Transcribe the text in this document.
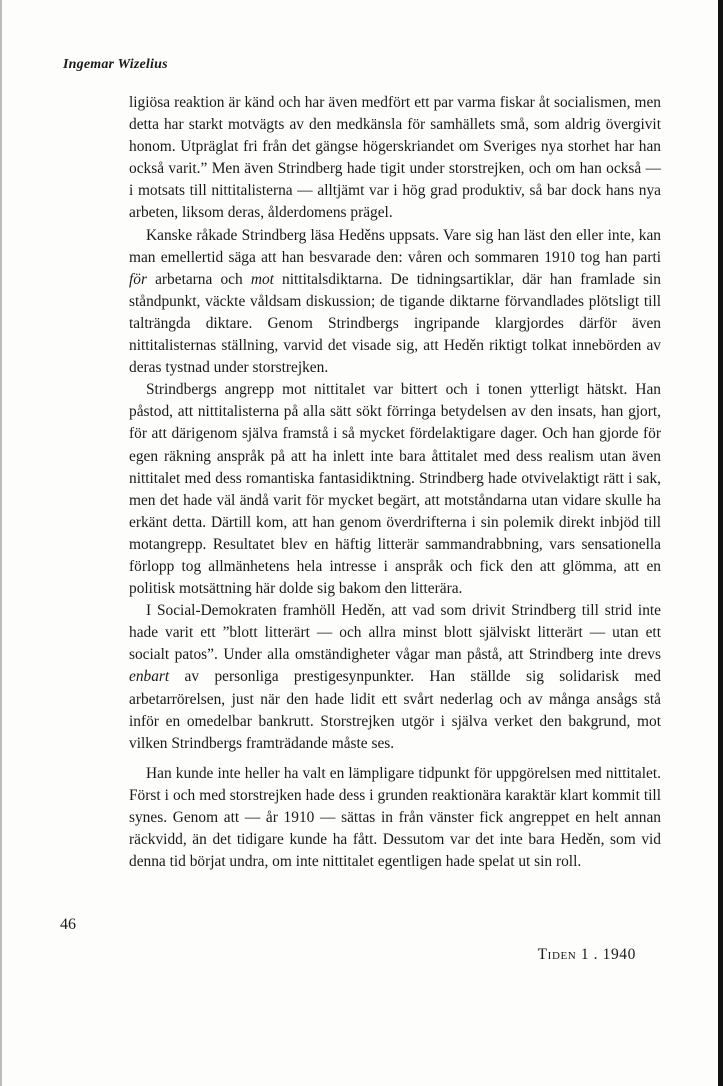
Ingemar Wizelius

ligiösa reaktion är känd och har även medfört ett par varma fiskar åt socialismen, men detta har starkt motvägts av den medkänsla för samhällets små, som aldrig övergivit honom. Utpräglat fri från det gängse högerskriandet om Sveriges nya storhet har han också varit.” Men även Strindberg hade tigit under storstrejken, och om han också — i motsats till nittitalisterna — alltjämt var i hög grad produktiv, så bar dock hans nya arbeten, liksom deras, ålderdomens prägel.

Kanske råkade Strindberg läsa Heděns uppsats. Vare sig han läst den eller inte, kan man emellertid säga att han besvarade den: våren och sommaren 1910 tog han parti för arbetarna och mot nittitalsdiktarna. De tidningsartiklar, där han framlade sin ståndpunkt, väckte våldsam diskussion; de tigande diktarne förvandlades plötsligt till talträngda diktare. Genom Strindbergs ingripande klargjordes därför även nittitalisternas ställning, varvid det visade sig, att Heděn riktigt tolkat innebörden av deras tystnad under storstrejken.

Strindbergs angrepp mot nittitalet var bittert och i tonen ytterligt hätskt. Han påstod, att nittitalisterna på alla sätt sökt förringa betydelsen av den insats, han gjort, för att därigenom själva framstå i så mycket fördelaktigare dager. Och han gjorde för egen räkning anspråk på att ha inlett inte bara åttitalet med dess realism utan även nittitalet med dess romantiska fantasidiktning. Strindberg hade otvivelaktigt rätt i sak, men det hade väl ändå varit för mycket begärt, att motståndarna utan vidare skulle ha erkänt detta. Därtill kom, att han genom överdrifterna i sin polemik direkt inbjöd till motangrepp. Resultatet blev en häftig litterär sammandrabbning, vars sensationella förlopp tog allmänhetens hela intresse i anspråk och fick den att glömma, att en politisk motsättning här dolde sig bakom den litterära.

I Social-Demokraten framhöll Heděn, att vad som drivit Strindberg till strid inte hade varit ett ”blott litterärt — och allra minst blott själviskt litterärt — utan ett socialt patos”. Under alla omständigheter vågar man påstå, att Strindberg inte drevs enbart av personliga prestigesynpunkter. Han ställde sig solidarisk med arbetarrörelsen, just när den hade lidit ett svårt nederlag och av många ansågs stå inför en omedelbar bankrutt. Storstrejken utgör i själva verket den bakgrund, mot vilken Strindbergs framträdande måste ses.

Han kunde inte heller ha valt en lämpligare tidpunkt för uppgörelsen med nittitalet. Först i och med storstrejken hade dess i grunden reaktionära karaktär klart kommit till synes. Genom att — år 1910 — sättas in från vänster fick angreppet en helt annan räckvidd, än det tidigare kunde ha fått. Dessutom var det inte bara Heděn, som vid denna tid börjat undra, om inte nittitalet egentligen hade spelat ut sin roll.

46
Tiden 1 . 1940
